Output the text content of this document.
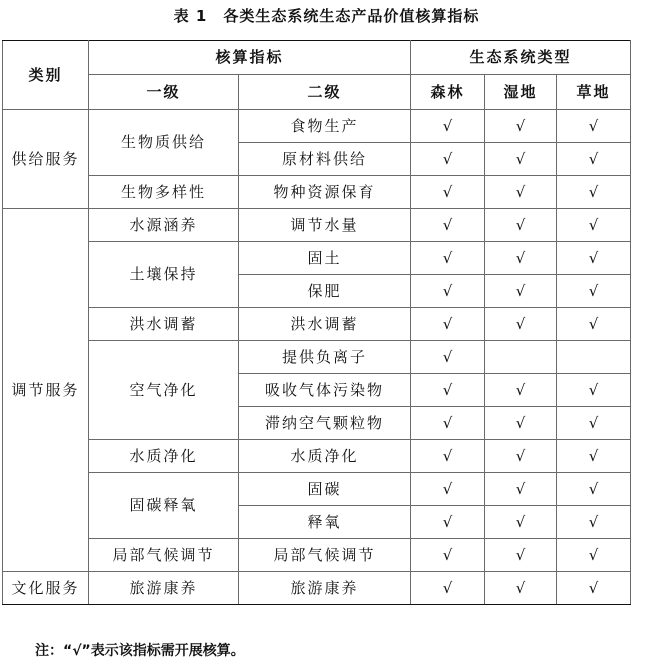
表 1　各类生态系统生态产品价值核算指标
类别	核算指标		生态系统类型		
	一级	二级	森林	湿地	草地
供给服务	生物质供给	食物生产	√	√	√
		原材料供给	√	√	√
	生物多样性	物种资源保育	√	√	√
调节服务	水源涵养	调节水量	√	√	√
	土壤保持	固土	√	√	√
		保肥	√	√	√
	洪水调蓄	洪水调蓄	√	√	√
	空气净化	提供负离子	√		
		吸收气体污染物	√	√	√
		滞纳空气颗粒物	√	√	√
	水质净化	水质净化	√	√	√
	固碳释氧	固碳	√	√	√
		释氧	√	√	√
	局部气候调节	局部气候调节	√	√	√
文化服务	旅游康养	旅游康养	√	√	√
注：“√”表示该指标需开展核算。
